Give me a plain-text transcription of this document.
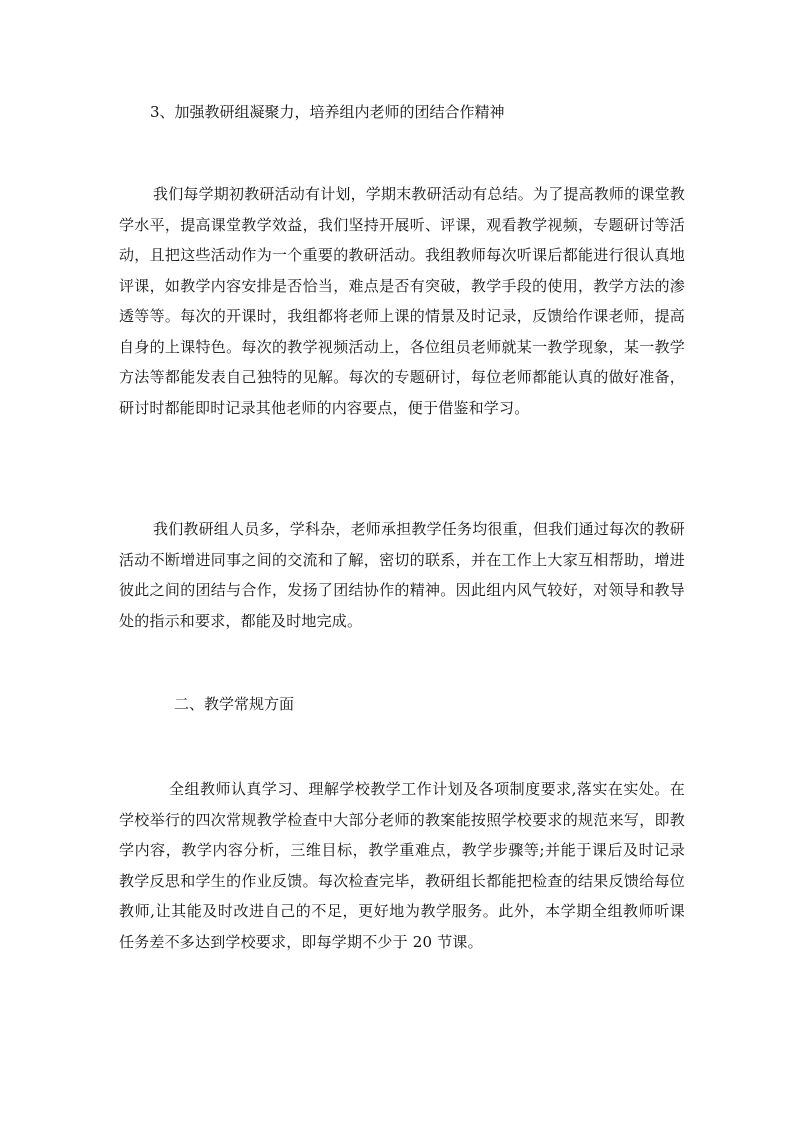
3、加强教研组凝聚力，培养组内老师的团结合作精神
我们每学期初教研活动有计划，学期末教研活动有总结。为了提高教师的课堂教学水平，提高课堂教学效益，我们坚持开展听、评课，观看教学视频，专题研讨等活动，且把这些活动作为一个重要的教研活动。我组教师每次听课后都能进行很认真地评课，如教学内容安排是否恰当，难点是否有突破，教学手段的使用，教学方法的渗透等等。每次的开课时，我组都将老师上课的情景及时记录，反馈给作课老师，提高自身的上课特色。每次的教学视频活动上，各位组员老师就某一教学现象，某一教学方法等都能发表自己独特的见解。每次的专题研讨，每位老师都能认真的做好准备，研讨时都能即时记录其他老师的内容要点，便于借鉴和学习。
我们教研组人员多，学科杂，老师承担教学任务均很重，但我们通过每次的教研活动不断增进同事之间的交流和了解，密切的联系，并在工作上大家互相帮助，增进彼此之间的团结与合作，发扬了团结协作的精神。因此组内风气较好，对领导和教导处的指示和要求，都能及时地完成。
二、教学常规方面
全组教师认真学习、理解学校教学工作计划及各项制度要求,落实在实处。在学校举行的四次常规教学检查中大部分老师的教案能按照学校要求的规范来写，即教学内容，教学内容分析，三维目标，教学重难点，教学步骤等;并能于课后及时记录教学反思和学生的作业反馈。每次检查完毕，教研组长都能把检查的结果反馈给每位教师,让其能及时改进自己的不足，更好地为教学服务。此外，本学期全组教师听课任务差不多达到学校要求，即每学期不少于 20 节课。
